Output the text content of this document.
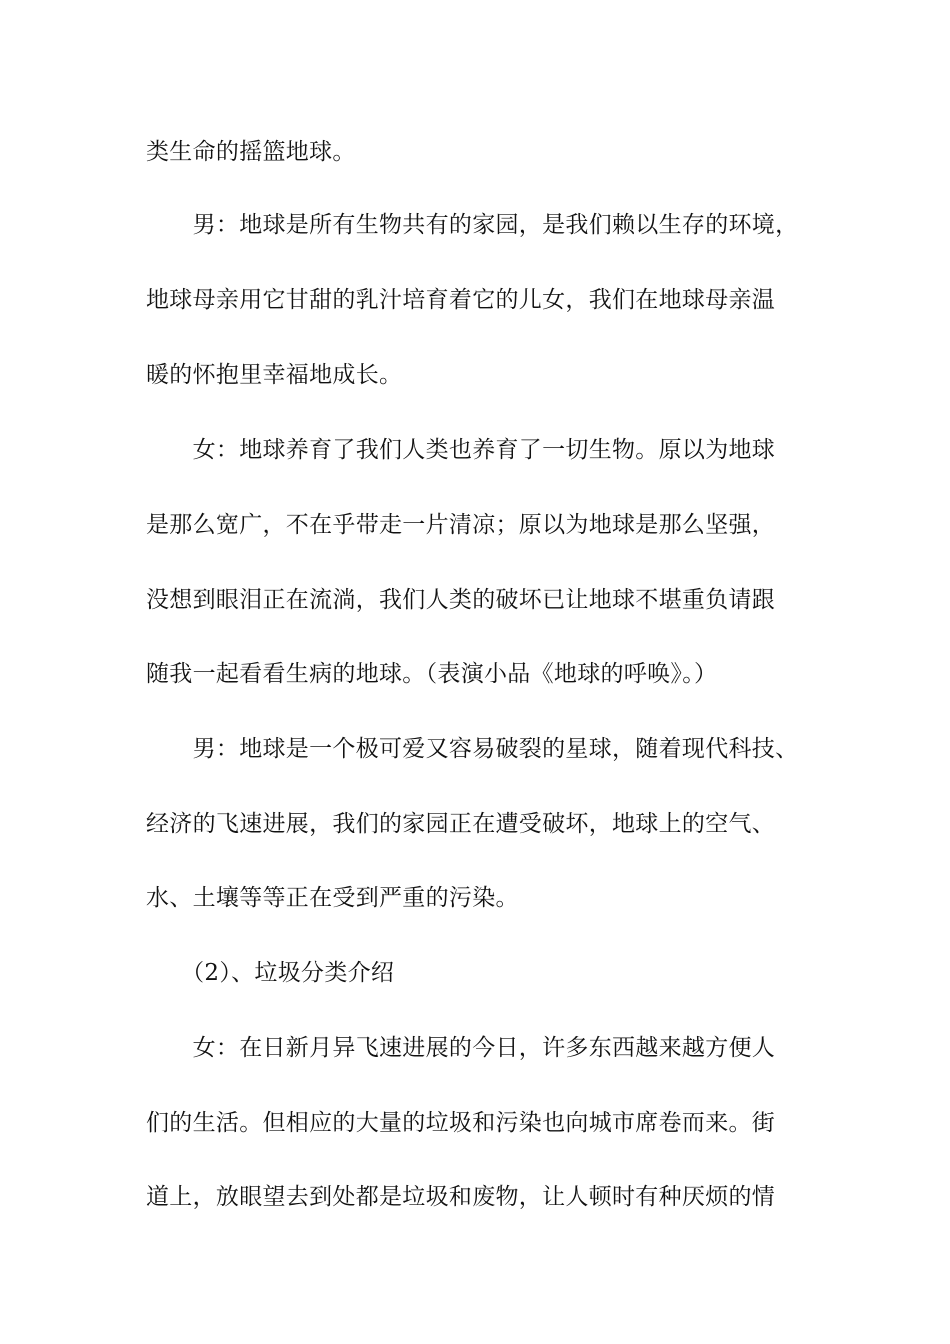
类生命的摇篮地球。
　　男：地球是所有生物共有的家园，是我们赖以生存的环境，
地球母亲用它甘甜的乳汁培育着它的儿女，我们在地球母亲温
暖的怀抱里幸福地成长。
　　女：地球养育了我们人类也养育了一切生物。原以为地球
是那么宽广，不在乎带走一片清凉；原以为地球是那么坚强，
没想到眼泪正在流淌，我们人类的破坏已让地球不堪重负请跟
随我一起看看生病的地球。（表演小品《地球的呼唤》。）
　　男：地球是一个极可爱又容易破裂的星球，随着现代科技、
经济的飞速进展，我们的家园正在遭受破坏，地球上的空气、
水、土壤等等正在受到严重的污染。
　　（2）、垃圾分类介绍
　　女：在日新月异飞速进展的今日，许多东西越来越方便人
们的生活。但相应的大量的垃圾和污染也向城市席卷而来。街
道上，放眼望去到处都是垃圾和废物，让人顿时有种厌烦的情
